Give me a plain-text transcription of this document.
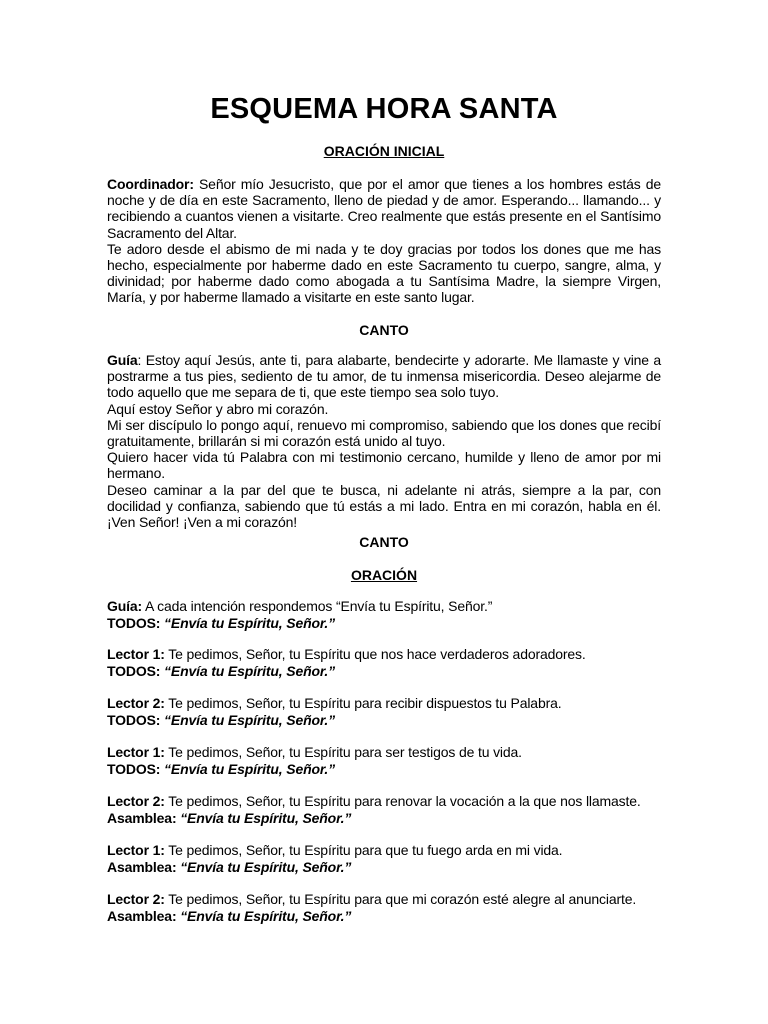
ESQUEMA HORA SANTA
ORACIÓN INICIAL

Coordinador: Señor mío Jesucristo, que por el amor que tienes a los hombres estás de noche y de día en este Sacramento, lleno de piedad y de amor. Esperando... llamando... y recibiendo a cuantos vienen a visitarte. Creo realmente que estás presente en el Santísimo Sacramento del Altar.

Te adoro desde el abismo de mi nada y te doy gracias por todos los dones que me has hecho, especialmente por haberme dado en este Sacramento tu cuerpo, sangre, alma, y divinidad; por haberme dado como abogada a tu Santísima Madre, la siempre Virgen, María, y por haberme llamado a visitarte en este santo lugar.

CANTO

Guía: Estoy aquí Jesús, ante ti, para alabarte, bendecirte y adorarte. Me llamaste y vine a postrarme a tus pies, sediento de tu amor, de tu inmensa misericordia. Deseo alejarme de todo aquello que me separa de ti, que este tiempo sea solo tuyo.

Aquí estoy Señor y abro mi corazón.

Mi ser discípulo lo pongo aquí, renuevo mi compromiso, sabiendo que los dones que recibí gratuitamente, brillarán si mi corazón está unido al tuyo.

Quiero hacer vida tú Palabra con mi testimonio cercano, humilde y lleno de amor por mi hermano.

Deseo caminar a la par del que te busca, ni adelante ni atrás, siempre a la par, con docilidad y confianza, sabiendo que tú estás a mi lado. Entra en mi corazón, habla en él. ¡Ven Señor! ¡Ven a mi corazón!

CANTO
ORACIÓN

Guía: A cada intención respondemos “Envía tu Espíritu, Señor.”

TODOS: “Envía tu Espíritu, Señor.”

Lector 1: Te pedimos, Señor, tu Espíritu que nos hace verdaderos adoradores.

TODOS: “Envía tu Espíritu, Señor.”

Lector 2: Te pedimos, Señor, tu Espíritu para recibir dispuestos tu Palabra.

TODOS: “Envía tu Espíritu, Señor.”

Lector 1: Te pedimos, Señor, tu Espíritu para ser testigos de tu vida.

TODOS: “Envía tu Espíritu, Señor.”

Lector 2: Te pedimos, Señor, tu Espíritu para renovar la vocación a la que nos llamaste.

Asamblea: “Envía tu Espíritu, Señor.”

Lector 1: Te pedimos, Señor, tu Espíritu para que tu fuego arda en mi vida.

Asamblea: “Envía tu Espíritu, Señor.”

Lector 2: Te pedimos, Señor, tu Espíritu para que mi corazón esté alegre al anunciarte.

Asamblea: “Envía tu Espíritu, Señor.”
